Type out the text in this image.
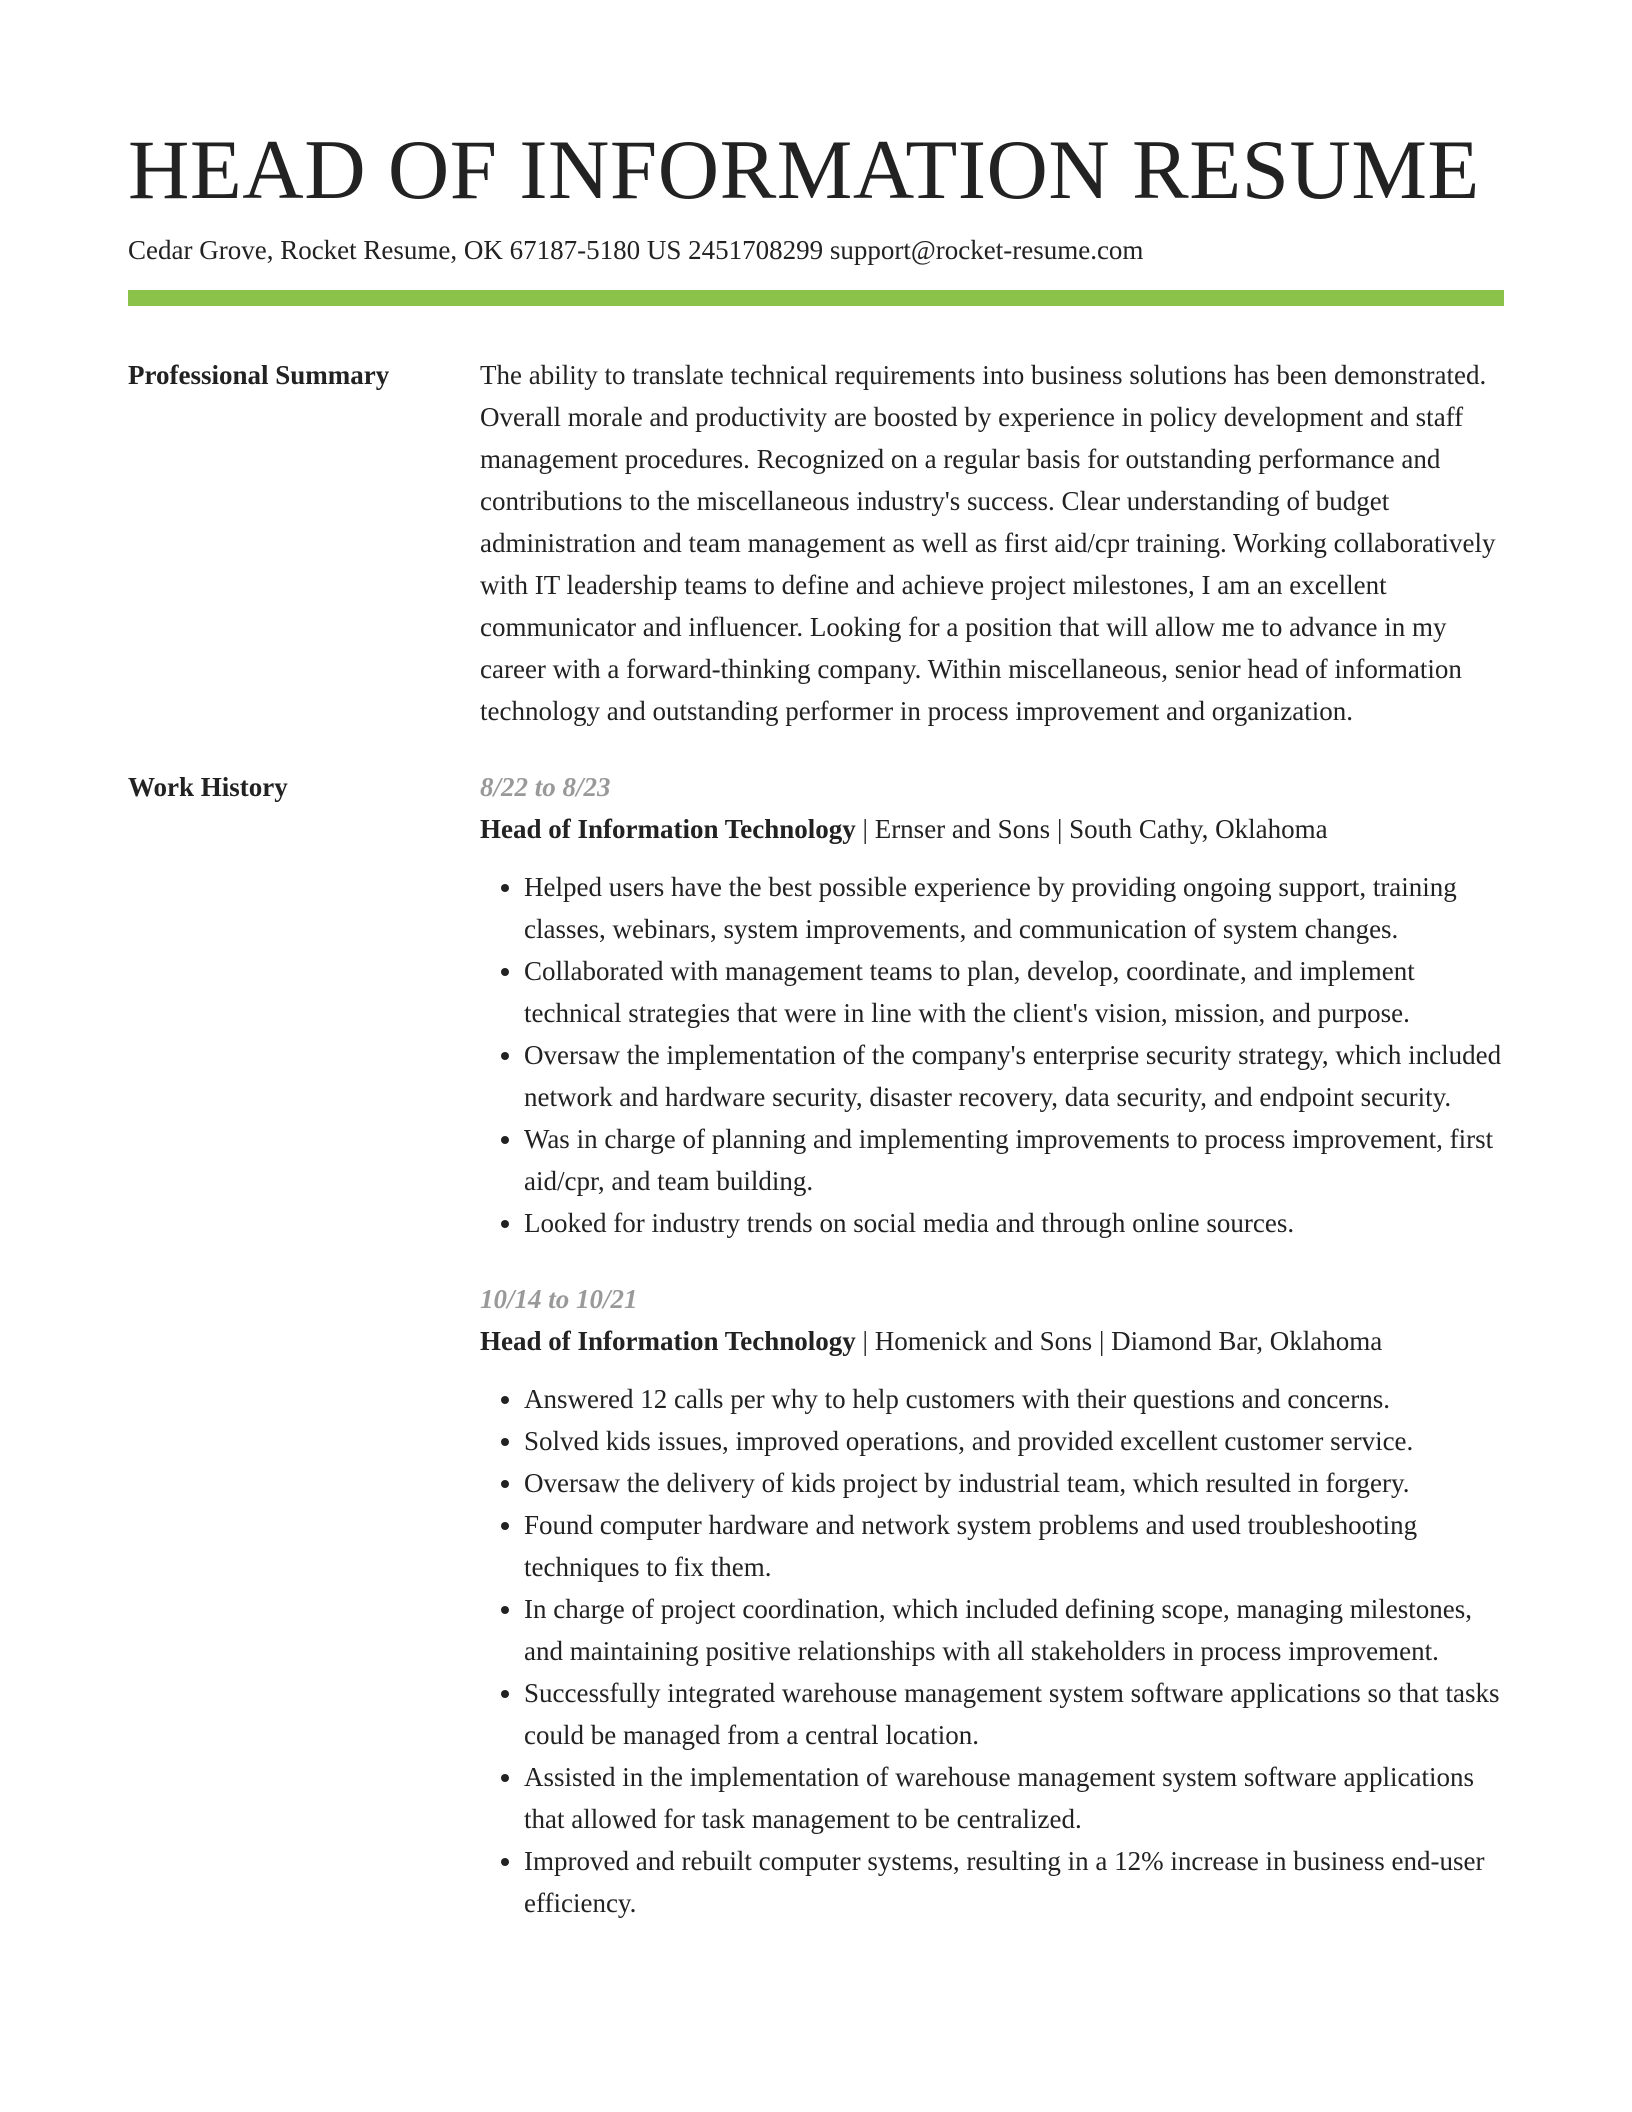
HEAD OF INFORMATION RESUME
Cedar Grove, Rocket Resume, OK 67187-5180 US 2451708299 support@rocket-resume.com
Professional Summary	The ability to translate technical requirements into business solutions has been demonstrated. Overall morale and productivity are boosted by experience in policy development and staff management procedures. Recognized on a regular basis for outstanding performance and contributions to the miscellaneous industry's success. Clear understanding of budget administration and team management as well as first aid/cpr training. Working collaboratively with IT leadership teams to define and achieve project milestones, I am an excellent communicator and influencer. Looking for a position that will allow me to advance in my career with a forward-thinking company. Within miscellaneous, senior head of information technology and outstanding performer in process improvement and organization.

Work History	8/22 to 8/23
Head of Information Technology | Ernser and Sons | South Cathy, Oklahoma
• Helped users have the best possible experience by providing ongoing support, training classes, webinars, system improvements, and communication of system changes.
• Collaborated with management teams to plan, develop, coordinate, and implement technical strategies that were in line with the client's vision, mission, and purpose.
• Oversaw the implementation of the company's enterprise security strategy, which included network and hardware security, disaster recovery, data security, and endpoint security.
• Was in charge of planning and implementing improvements to process improvement, first aid/cpr, and team building.
• Looked for industry trends on social media and through online sources.
10/14 to 10/21
Head of Information Technology | Homenick and Sons | Diamond Bar, Oklahoma
• Answered 12 calls per why to help customers with their questions and concerns.
• Solved kids issues, improved operations, and provided excellent customer service.
• Oversaw the delivery of kids project by industrial team, which resulted in forgery.
• Found computer hardware and network system problems and used troubleshooting techniques to fix them.
• In charge of project coordination, which included defining scope, managing milestones, and maintaining positive relationships with all stakeholders in process improvement.
• Successfully integrated warehouse management system software applications so that tasks could be managed from a central location.
• Assisted in the implementation of warehouse management system software applications that allowed for task management to be centralized.
• Improved and rebuilt computer systems, resulting in a 12% increase in business end-user efficiency.
